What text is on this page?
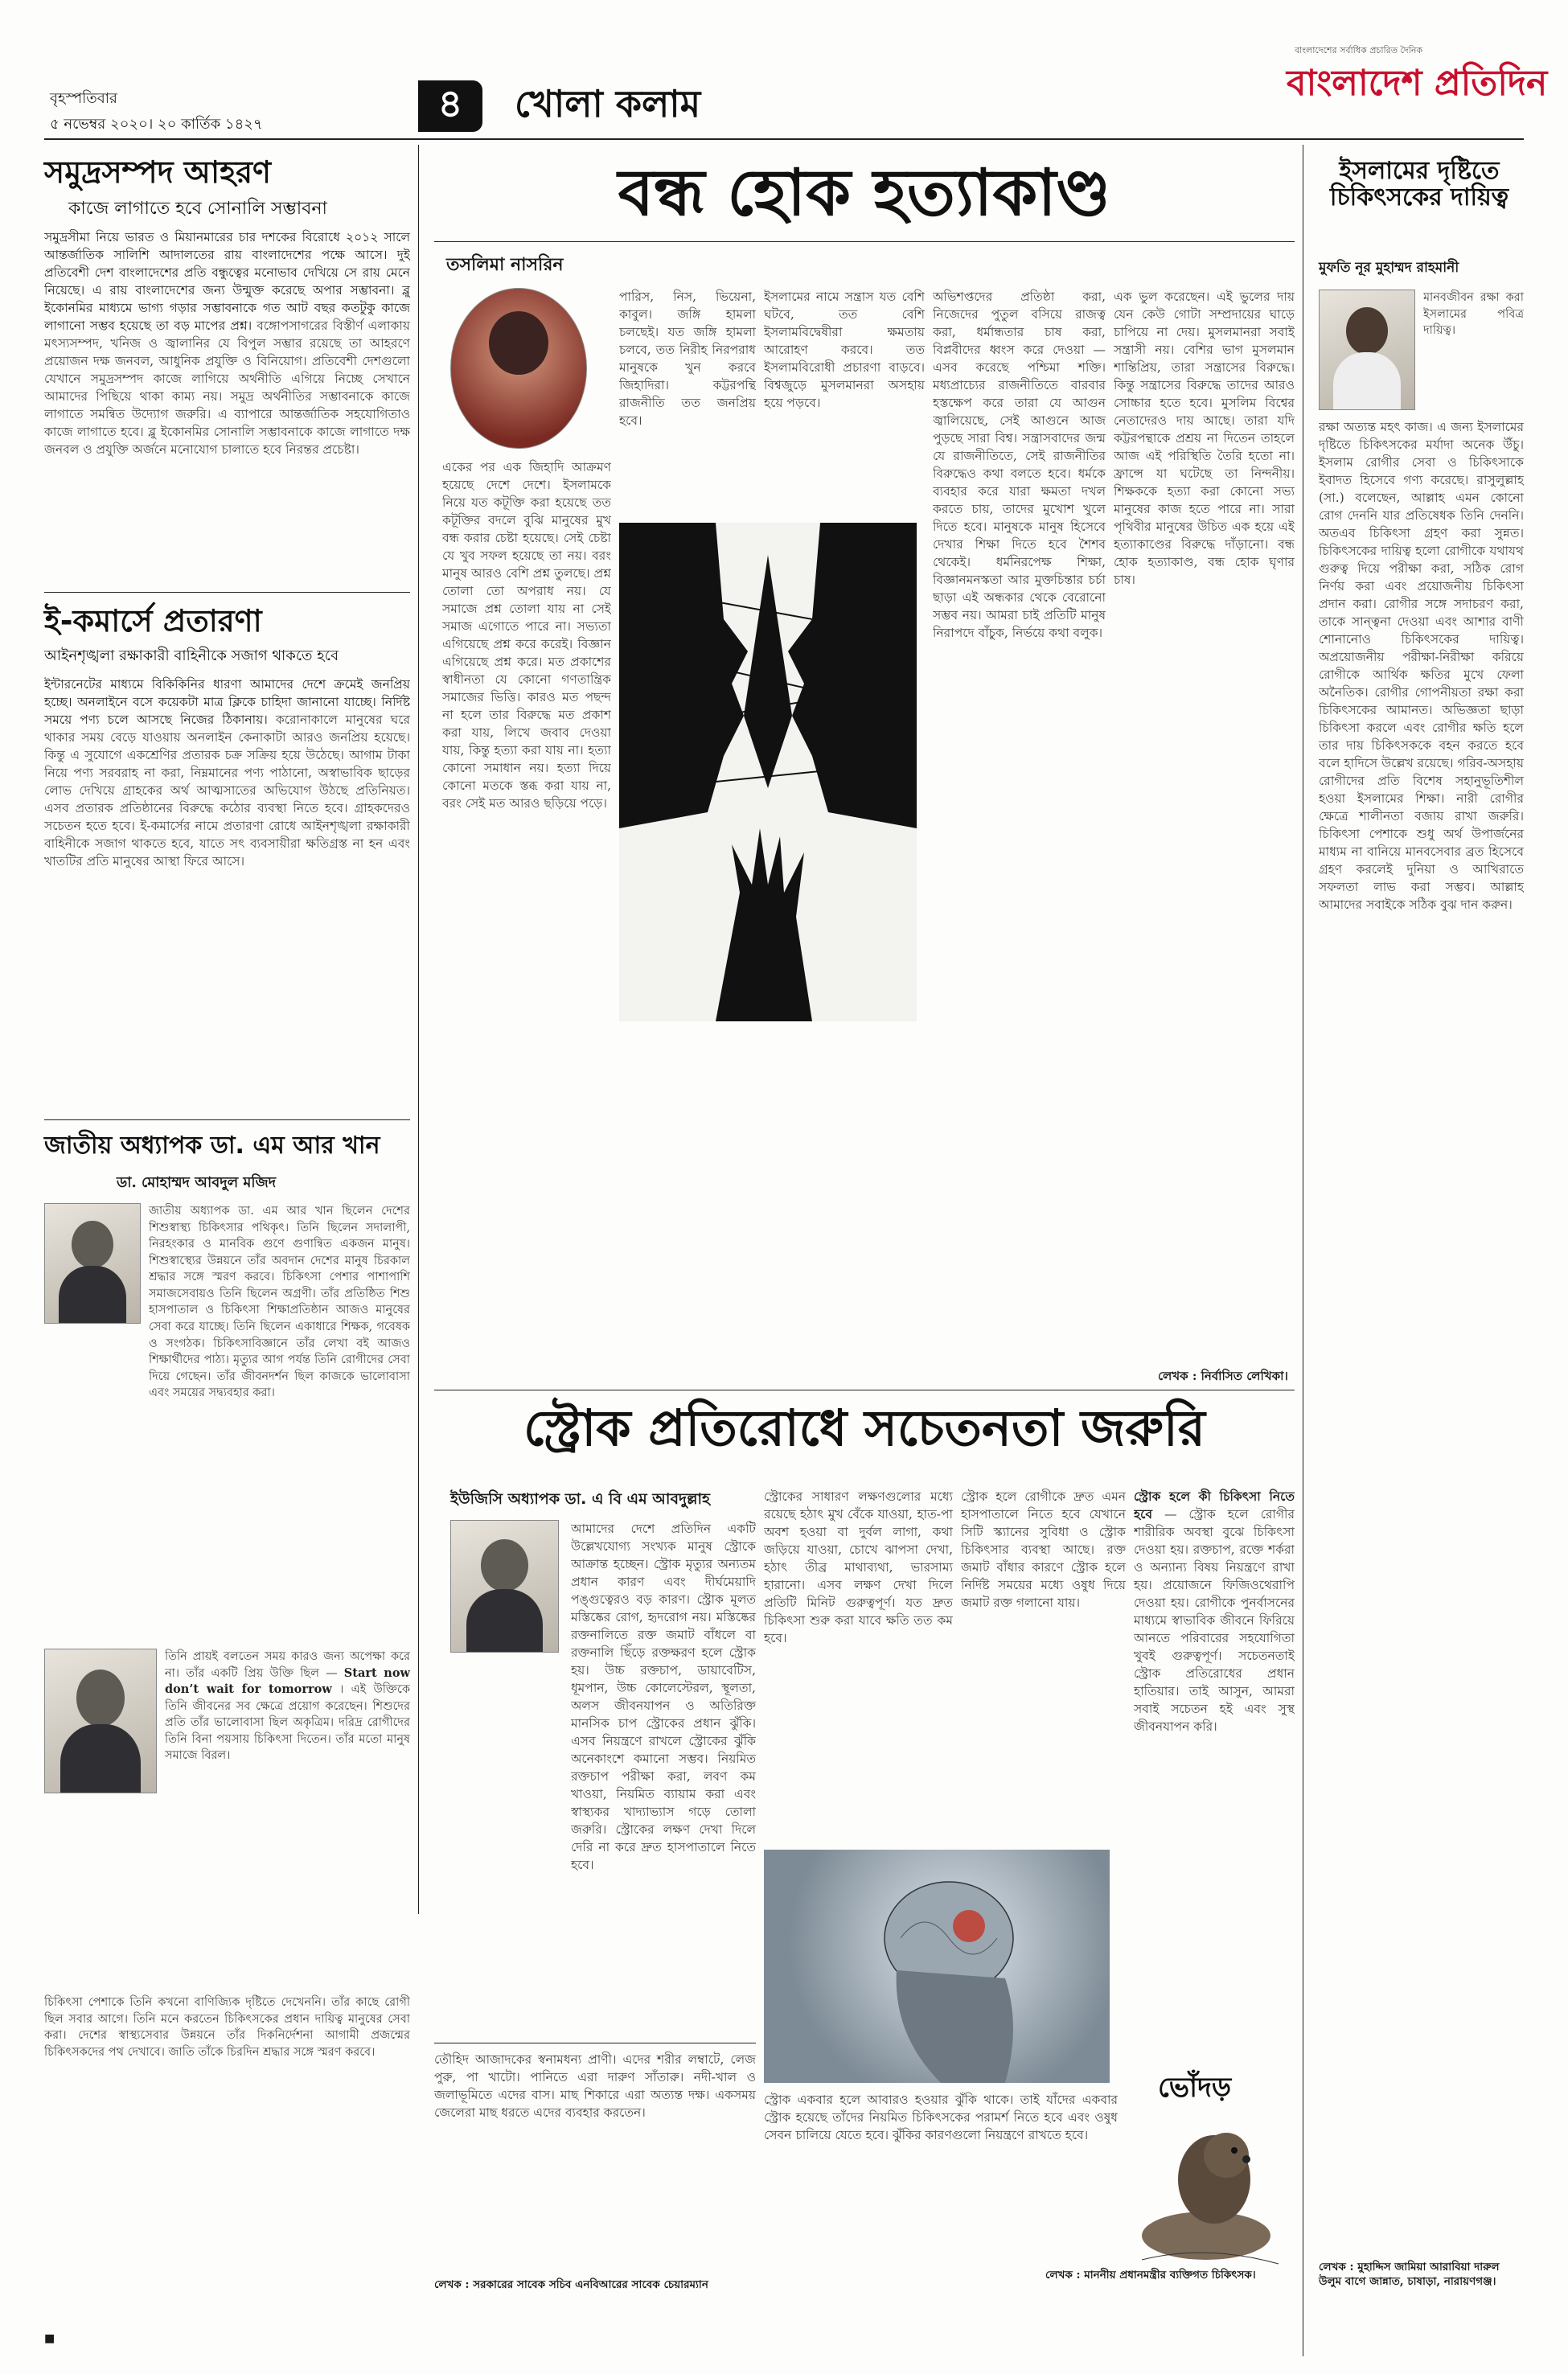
বৃহস্পতিবার
৫ নভেম্বর ২০২০। ২০ কার্তিক ১৪২৭	৪ খোলা কলাম
বাংলাদেশের সর্বাধিক প্রচারিত দৈনিক
বাংলাদেশ প্রতিদিন
সমুদ্রসম্পদ আহরণ
কাজে লাগাতে হবে সোনালি সম্ভাবনা
সমুদ্রসীমা নিয়ে ভারত ও মিয়ানমারের চার দশকের বিরোধে ২০১২ সালে আন্তর্জাতিক সালিশি আদালতের রায় বাংলাদেশের পক্ষে আসে। দুই প্রতিবেশী দেশ বাংলাদেশের প্রতি বন্ধুত্বের মনোভাব দেখিয়ে সে রায় মেনে নিয়েছে। এ রায় বাংলাদেশের জন্য উন্মুক্ত করেছে অপার সম্ভাবনা। ব্লু ইকোনমির মাধ্যমে ভাগ্য গড়ার সম্ভাবনাকে গত আট বছর কতটুকু কাজে লাগানো সম্ভব হয়েছে তা বড় মাপের প্রশ্ন। বঙ্গোপসাগরের বিস্তীর্ণ এলাকায় মৎস্যসম্পদ, খনিজ ও জ্বালানির যে বিপুল সম্ভার রয়েছে তা আহরণে প্রয়োজন দক্ষ জনবল, আধুনিক প্রযুক্তি ও বিনিয়োগ। প্রতিবেশী দেশগুলো যেখানে সমুদ্রসম্পদ কাজে লাগিয়ে অর্থনীতি এগিয়ে নিচ্ছে সেখানে আমাদের পিছিয়ে থাকা কাম্য নয়। সমুদ্র অর্থনীতির সম্ভাবনাকে কাজে লাগাতে সমন্বিত উদ্যোগ জরুরি। এ ব্যাপারে আন্তর্জাতিক সহযোগিতাও কাজে লাগাতে হবে। ব্লু ইকোনমির সোনালি সম্ভাবনাকে কাজে লাগাতে দক্ষ জনবল ও প্রযুক্তি অর্জনে মনোযোগ চালাতে হবে নিরন্তর প্রচেষ্টা।
ই-কমার্সে প্রতারণা
আইনশৃঙ্খলা রক্ষাকারী বাহিনীকে সজাগ থাকতে হবে
ইন্টারনেটের মাধ্যমে বিকিকিনির ধারণা আমাদের দেশে ক্রমেই জনপ্রিয় হচ্ছে। অনলাইনে বসে কয়েকটা মাত্র ক্লিকে চাহিদা জানানো যাচ্ছে। নির্দিষ্ট সময়ে পণ্য চলে আসছে নিজের ঠিকানায়। করোনাকালে মানুষের ঘরে থাকার সময় বেড়ে যাওয়ায় অনলাইন কেনাকাটা আরও জনপ্রিয় হয়েছে। কিন্তু এ সুযোগে একশ্রেণির প্রতারক চক্র সক্রিয় হয়ে উঠেছে। আগাম টাকা নিয়ে পণ্য সরবরাহ না করা, নিম্নমানের পণ্য পাঠানো, অস্বাভাবিক ছাড়ের লোভ দেখিয়ে গ্রাহকের অর্থ আত্মসাতের অভিযোগ উঠছে প্রতিনিয়ত। এসব প্রতারক প্রতিষ্ঠানের বিরুদ্ধে কঠোর ব্যবস্থা নিতে হবে। গ্রাহকদেরও সচেতন হতে হবে। ই-কমার্সের নামে প্রতারণা রোধে আইনশৃঙ্খলা রক্ষাকারী বাহিনীকে সজাগ থাকতে হবে, যাতে সৎ ব্যবসায়ীরা ক্ষতিগ্রস্ত না হন এবং খাতটির প্রতি মানুষের আস্থা ফিরে আসে।
জাতীয় অধ্যাপক ডা. এম আর খান
ডা. মোহাম্মদ আবদুল মজিদ
জাতীয় অধ্যাপক ডা. এম আর খান ছিলেন দেশের শিশুস্বাস্থ্য চিকিৎসার পথিকৃৎ। তিনি ছিলেন সদালাপী, নিরহংকার ও মানবিক গুণে গুণান্বিত একজন মানুষ। শিশুস্বাস্থ্যের উন্নয়নে তাঁর অবদান দেশের মানুষ চিরকাল শ্রদ্ধার সঙ্গে স্মরণ করবে। চিকিৎসা পেশার পাশাপাশি সমাজসেবায়ও তিনি ছিলেন অগ্রণী। তাঁর প্রতিষ্ঠিত শিশু হাসপাতাল ও চিকিৎসা শিক্ষাপ্রতিষ্ঠান আজও মানুষের সেবা করে যাচ্ছে। তিনি ছিলেন একাধারে শিক্ষক, গবেষক ও সংগঠক। চিকিৎসাবিজ্ঞানে তাঁর লেখা বই আজও শিক্ষার্থীদের পাঠ্য। মৃত্যুর আগ পর্যন্ত তিনি রোগীদের সেবা দিয়ে গেছেন। তাঁর জীবনদর্শন ছিল কাজকে ভালোবাসা এবং সময়ের সদ্ব্যবহার করা।
তিনি প্রায়ই বলতেন সময় কারও জন্য অপেক্ষা করে না। তাঁর একটি প্রিয় উক্তি ছিল — Start now don’t wait for tomorrow । এই উক্তিকে তিনি জীবনের সব ক্ষেত্রে প্রয়োগ করেছেন। শিশুদের প্রতি তাঁর ভালোবাসা ছিল অকৃত্রিম। দরিদ্র রোগীদের তিনি বিনা পয়সায় চিকিৎসা দিতেন। তাঁর মতো মানুষ সমাজে বিরল।
চিকিৎসা পেশাকে তিনি কখনো বাণিজ্যিক দৃষ্টিতে দেখেননি। তাঁর কাছে রোগী ছিল সবার আগে। তিনি মনে করতেন চিকিৎসকের প্রধান দায়িত্ব মানুষের সেবা করা। দেশের স্বাস্থ্যসেবার উন্নয়নে তাঁর দিকনির্দেশনা আগামী প্রজন্মের চিকিৎসকদের পথ দেখাবে। জাতি তাঁকে চিরদিন শ্রদ্ধার সঙ্গে স্মরণ করবে।
■
বন্ধ হোক হত্যাকাণ্ড
তসলিমা নাসরিন
একের পর এক জিহাদি আক্রমণ হয়েছে দেশে দেশে। ইসলামকে নিয়ে যত কটূক্তি করা হয়েছে তত কটূক্তির বদলে বুঝি মানুষের মুখ বন্ধ করার চেষ্টা হয়েছে। সেই চেষ্টা যে খুব সফল হয়েছে তা নয়। বরং মানুষ আরও বেশি প্রশ্ন তুলছে। প্রশ্ন তোলা তো অপরাধ নয়। যে সমাজে প্রশ্ন তোলা যায় না সেই সমাজ এগোতে পারে না। সভ্যতা এগিয়েছে প্রশ্ন করে করেই। বিজ্ঞান এগিয়েছে প্রশ্ন করে। মত প্রকাশের স্বাধীনতা যে কোনো গণতান্ত্রিক সমাজের ভিত্তি। কারও মত পছন্দ না হলে তার বিরুদ্ধে মত প্রকাশ করা যায়, লিখে জবাব দেওয়া যায়, কিন্তু হত্যা করা যায় না। হত্যা কোনো সমাধান নয়। হত্যা দিয়ে কোনো মতকে স্তব্ধ করা যায় না, বরং সেই মত আরও ছড়িয়ে পড়ে।
পারিস, নিস, ভিয়েনা, কাবুল। জঙ্গি হামলা চলছেই। যত জঙ্গি হামলা চলবে, তত নিরীহ নিরপরাধ মানুষকে খুন করবে জিহাদিরা। কট্টরপন্থি রাজনীতি তত জনপ্রিয় হবে।
ইসলামের নামে সন্ত্রাস যত বেশি ঘটবে, তত বেশি ইসলামবিদ্বেষীরা ক্ষমতায় আরোহণ করবে। তত ইসলামবিরোধী প্রচারণা বাড়বে। বিশ্বজুড়ে মুসলমানরা অসহায় হয়ে পড়বে।
অভিশপ্তদের প্রতিষ্ঠা করা, নিজেদের পুতুল বসিয়ে রাজত্ব করা, ধর্মান্ধতার চাষ করা, বিপ্লবীদের ধ্বংস করে দেওয়া — এসব করেছে পশ্চিমা শক্তি। মধ্যপ্রাচ্যের রাজনীতিতে বারবার হস্তক্ষেপ করে তারা যে আগুন জ্বালিয়েছে, সেই আগুনে আজ পুড়ছে সারা বিশ্ব। সন্ত্রাসবাদের জন্ম যে রাজনীতিতে, সেই রাজনীতির বিরুদ্ধেও কথা বলতে হবে। ধর্মকে ব্যবহার করে যারা ক্ষমতা দখল করতে চায়, তাদের মুখোশ খুলে দিতে হবে। মানুষকে মানুষ হিসেবে দেখার শিক্ষা দিতে হবে শৈশব থেকেই। ধর্মনিরপেক্ষ শিক্ষা, বিজ্ঞানমনস্কতা আর মুক্তচিন্তার চর্চা ছাড়া এই অন্ধকার থেকে বেরোনো সম্ভব নয়। আমরা চাই প্রতিটি মানুষ নিরাপদে বাঁচুক, নির্ভয়ে কথা বলুক।
এক ভুল করেছেন। এই ভুলের দায় যেন কেউ গোটা সম্প্রদায়ের ঘাড়ে চাপিয়ে না দেয়। মুসলমানরা সবাই সন্ত্রাসী নয়। বেশির ভাগ মুসলমান শান্তিপ্রিয়, তারা সন্ত্রাসের বিরুদ্ধে। কিন্তু সন্ত্রাসের বিরুদ্ধে তাদের আরও সোচ্চার হতে হবে। মুসলিম বিশ্বের নেতাদেরও দায় আছে। তারা যদি কট্টরপন্থাকে প্রশ্রয় না দিতেন তাহলে আজ এই পরিস্থিতি তৈরি হতো না। ফ্রান্সে যা ঘটেছে তা নিন্দনীয়। শিক্ষককে হত্যা করা কোনো সভ্য মানুষের কাজ হতে পারে না। সারা পৃথিবীর মানুষের উচিত এক হয়ে এই হত্যাকাণ্ডের বিরুদ্ধে দাঁড়ানো। বন্ধ হোক হত্যাকাণ্ড, বন্ধ হোক ঘৃণার চাষ।
লেখক : নির্বাসিত লেখিকা।
স্ট্রোক প্রতিরোধে সচেতনতা জরুরি
ইউজিসি অধ্যাপক ডা. এ বি এম আবদুল্লাহ
আমাদের দেশে প্রতিদিন একটি উল্লেখযোগ্য সংখ্যক মানুষ স্ট্রোকে আক্রান্ত হচ্ছেন। স্ট্রোক মৃত্যুর অন্যতম প্রধান কারণ এবং দীর্ঘমেয়াদি পঙ্গুত্বেরও বড় কারণ। স্ট্রোক মূলত মস্তিষ্কের রোগ, হৃদরোগ নয়। মস্তিষ্কের রক্তনালিতে রক্ত জমাট বাঁধলে বা রক্তনালি ছিঁড়ে রক্তক্ষরণ হলে স্ট্রোক হয়। উচ্চ রক্তচাপ, ডায়াবেটিস, ধূমপান, উচ্চ কোলেস্টেরল, স্থূলতা, অলস জীবনযাপন ও অতিরিক্ত মানসিক চাপ স্ট্রোকের প্রধান ঝুঁকি। এসব নিয়ন্ত্রণে রাখলে স্ট্রোকের ঝুঁকি অনেকাংশে কমানো সম্ভব। নিয়মিত রক্তচাপ পরীক্ষা করা, লবণ কম খাওয়া, নিয়মিত ব্যায়াম করা এবং স্বাস্থ্যকর খাদ্যাভ্যাস গড়ে তোলা জরুরি। স্ট্রোকের লক্ষণ দেখা দিলে দেরি না করে দ্রুত হাসপাতালে নিতে হবে।
স্ট্রোকের সাধারণ লক্ষণগুলোর মধ্যে রয়েছে হঠাৎ মুখ বেঁকে যাওয়া, হাত-পা অবশ হওয়া বা দুর্বল লাগা, কথা জড়িয়ে যাওয়া, চোখে ঝাপসা দেখা, হঠাৎ তীব্র মাথাব্যথা, ভারসাম্য হারানো। এসব লক্ষণ দেখা দিলে প্রতিটি মিনিট গুরুত্বপূর্ণ। যত দ্রুত চিকিৎসা শুরু করা যাবে ক্ষতি তত কম হবে।
স্ট্রোক হলে রোগীকে দ্রুত এমন হাসপাতালে নিতে হবে যেখানে সিটি স্ক্যানের সুবিধা ও স্ট্রোক চিকিৎসার ব্যবস্থা আছে। রক্ত জমাট বাঁধার কারণে স্ট্রোক হলে নির্দিষ্ট সময়ের মধ্যে ওষুধ দিয়ে জমাট রক্ত গলানো যায়।
স্ট্রোক হলে কী চিকিৎসা নিতে হবে — স্ট্রোক হলে রোগীর শারীরিক অবস্থা বুঝে চিকিৎসা দেওয়া হয়। রক্তচাপ, রক্তে শর্করা ও অন্যান্য বিষয় নিয়ন্ত্রণে রাখা হয়। প্রয়োজনে ফিজিওথেরাপি দেওয়া হয়। রোগীকে পুনর্বাসনের মাধ্যমে স্বাভাবিক জীবনে ফিরিয়ে আনতে পরিবারের সহযোগিতা খুবই গুরুত্বপূর্ণ। সচেতনতাই স্ট্রোক প্রতিরোধের প্রধান হাতিয়ার। তাই আসুন, আমরা সবাই সচেতন হই এবং সুস্থ জীবনযাপন করি।
স্ট্রোক একবার হলে আবারও হওয়ার ঝুঁকি থাকে। তাই যাঁদের একবার স্ট্রোক হয়েছে তাঁদের নিয়মিত চিকিৎসকের পরামর্শ নিতে হবে এবং ওষুধ সেবন চালিয়ে যেতে হবে। ঝুঁকির কারণগুলো নিয়ন্ত্রণে রাখতে হবে।
লেখক : মাননীয় প্রধানমন্ত্রীর ব্যক্তিগত চিকিৎসক।
ইসলামের দৃষ্টিতে চিকিৎসকের দায়িত্ব
মুফতি নূর মুহাম্মদ রাহমানী
মানবজীবন রক্ষা করা ইসলামের পবিত্র দায়িত্ব।
রক্ষা অত্যন্ত মহৎ কাজ। এ জন্য ইসলামের দৃষ্টিতে চিকিৎসকের মর্যাদা অনেক উঁচু। ইসলাম রোগীর সেবা ও চিকিৎসাকে ইবাদত হিসেবে গণ্য করেছে। রাসুলুল্লাহ (সা.) বলেছেন, আল্লাহ এমন কোনো রোগ দেননি যার প্রতিষেধক তিনি দেননি। অতএব চিকিৎসা গ্রহণ করা সুন্নত। চিকিৎসকের দায়িত্ব হলো রোগীকে যথাযথ গুরুত্ব দিয়ে পরীক্ষা করা, সঠিক রোগ নির্ণয় করা এবং প্রয়োজনীয় চিকিৎসা প্রদান করা। রোগীর সঙ্গে সদাচরণ করা, তাকে সান্ত্বনা দেওয়া এবং আশার বাণী শোনানোও চিকিৎসকের দায়িত্ব। অপ্রয়োজনীয় পরীক্ষা-নিরীক্ষা করিয়ে রোগীকে আর্থিক ক্ষতির মুখে ফেলা অনৈতিক। রোগীর গোপনীয়তা রক্ষা করা চিকিৎসকের আমানত। অভিজ্ঞতা ছাড়া চিকিৎসা করলে এবং রোগীর ক্ষতি হলে তার দায় চিকিৎসককে বহন করতে হবে বলে হাদিসে উল্লেখ রয়েছে। গরিব-অসহায় রোগীদের প্রতি বিশেষ সহানুভূতিশীল হওয়া ইসলামের শিক্ষা। নারী রোগীর ক্ষেত্রে শালীনতা বজায় রাখা জরুরি। চিকিৎসা পেশাকে শুধু অর্থ উপার্জনের মাধ্যম না বানিয়ে মানবসেবার ব্রত হিসেবে গ্রহণ করলেই দুনিয়া ও আখিরাতে সফলতা লাভ করা সম্ভব। আল্লাহ আমাদের সবাইকে সঠিক বুঝ দান করুন।
লেখক : মুহাদ্দিস জামিয়া আরাবিয়া দারুল উলুম বাগে জান্নাত, চাষাড়া, নারায়ণগঞ্জ।
তৌহিদ আজাদকের স্বনামধন্য প্রাণী। এদের শরীর লম্বাটে, লেজ পুরু, পা খাটো। পানিতে এরা দারুণ সাঁতারু। নদী-খাল ও জলাভূমিতে এদের বাস। মাছ শিকারে এরা অত্যন্ত দক্ষ। একসময় জেলেরা মাছ ধরতে এদের ব্যবহার করতেন।
ভোঁদড়
লেখক : সরকারের সাবেক সচিব এনবিআরের সাবেক চেয়ারম্যান
